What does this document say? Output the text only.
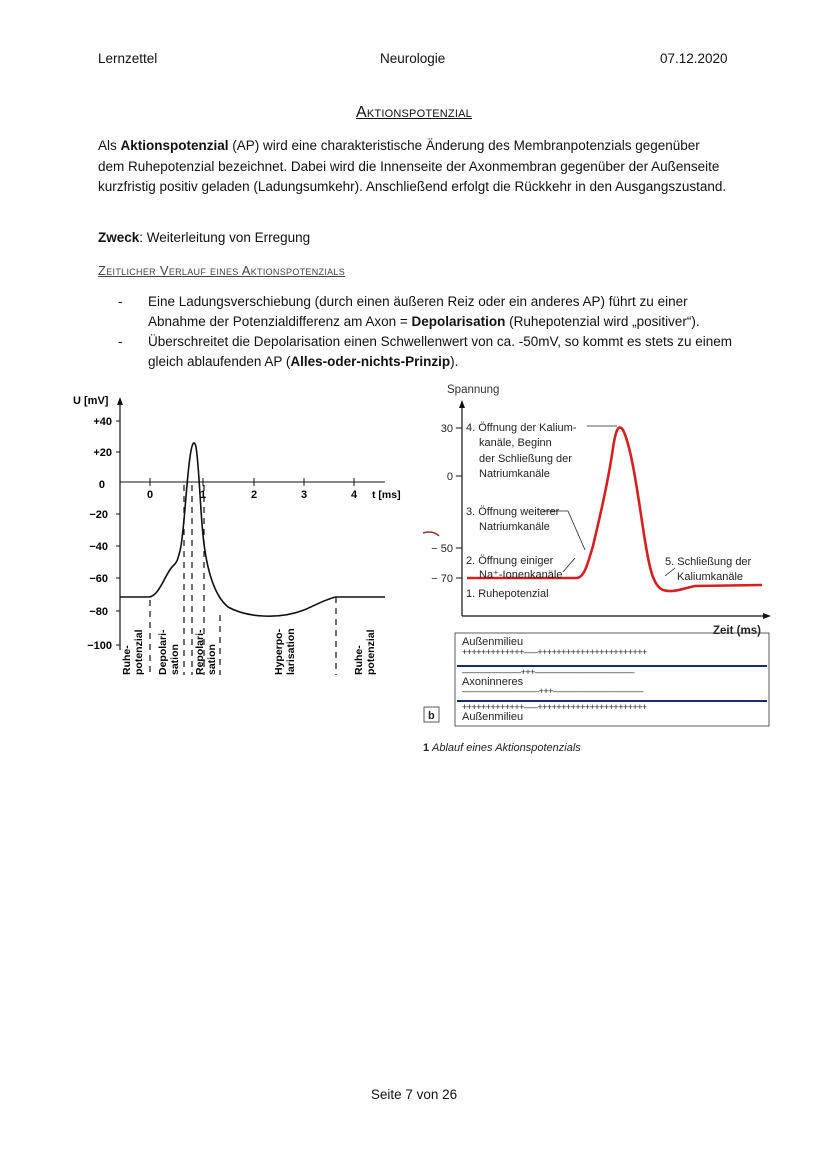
Lernzettel	Neurologie	07.12.2020
Aktionspotenzial
Als Aktionspotenzial (AP) wird eine charakteristische Änderung des Membranpotenzials gegenüber dem Ruhepotenzial bezeichnet. Dabei wird die Innenseite der Axonmembran gegenüber der Außenseite kurzfristig positiv geladen (Ladungsumkehr). Anschließend erfolgt die Rückkehr in den Ausgangszustand.
Zweck: Weiterleitung von Erregung
Zeitlicher Verlauf eines Aktionspotenzials
- Eine Ladungsverschiebung (durch einen äußeren Reiz oder ein anderes AP) führt zu einer Abnahme der Potenzialdifferenz am Axon = Depolarisation (Ruhepotenzial wird „positiver“).
- Überschreitet die Depolarisation einen Schwellenwert von ca. -50mV, so kommt es stets zu einem gleich ablaufenden AP (Alles-oder-nichts-Prinzip).
U [mV]
+40
+20
0
−20
−40
−60
−80
−100
0	1	2	3	4 t [ms]
Ruhe- potenzial Depolari- sation Repolari- sation	Hyperpo- larisation	Ruhe- potenzial
Spannung
30
0
− 50
− 70
4. Öffnung der Kalium-
kanäle, Beginn
der Schließung der
Natriumkanäle
3. Öffnung weiterer
Natriumkanäle
2. Öffnung einiger
Na⁺-Ionenkanäle
1. Ruhepotenzial
5. Schließung der
Kaliumkanäle
Zeit (ms)
Außenmilieu
+++++++++++++–––+++++++++++++++++++++++
–––––––––––––+++––––––––––––––––––––––
Axoninneres
–––––––––––––––––+++––––––––––––––––––––
+++++++++++++–––+++++++++++++++++++++++
Außenmilieu
b
1 Ablauf eines Aktionspotenzials
Seite 7 von 26
